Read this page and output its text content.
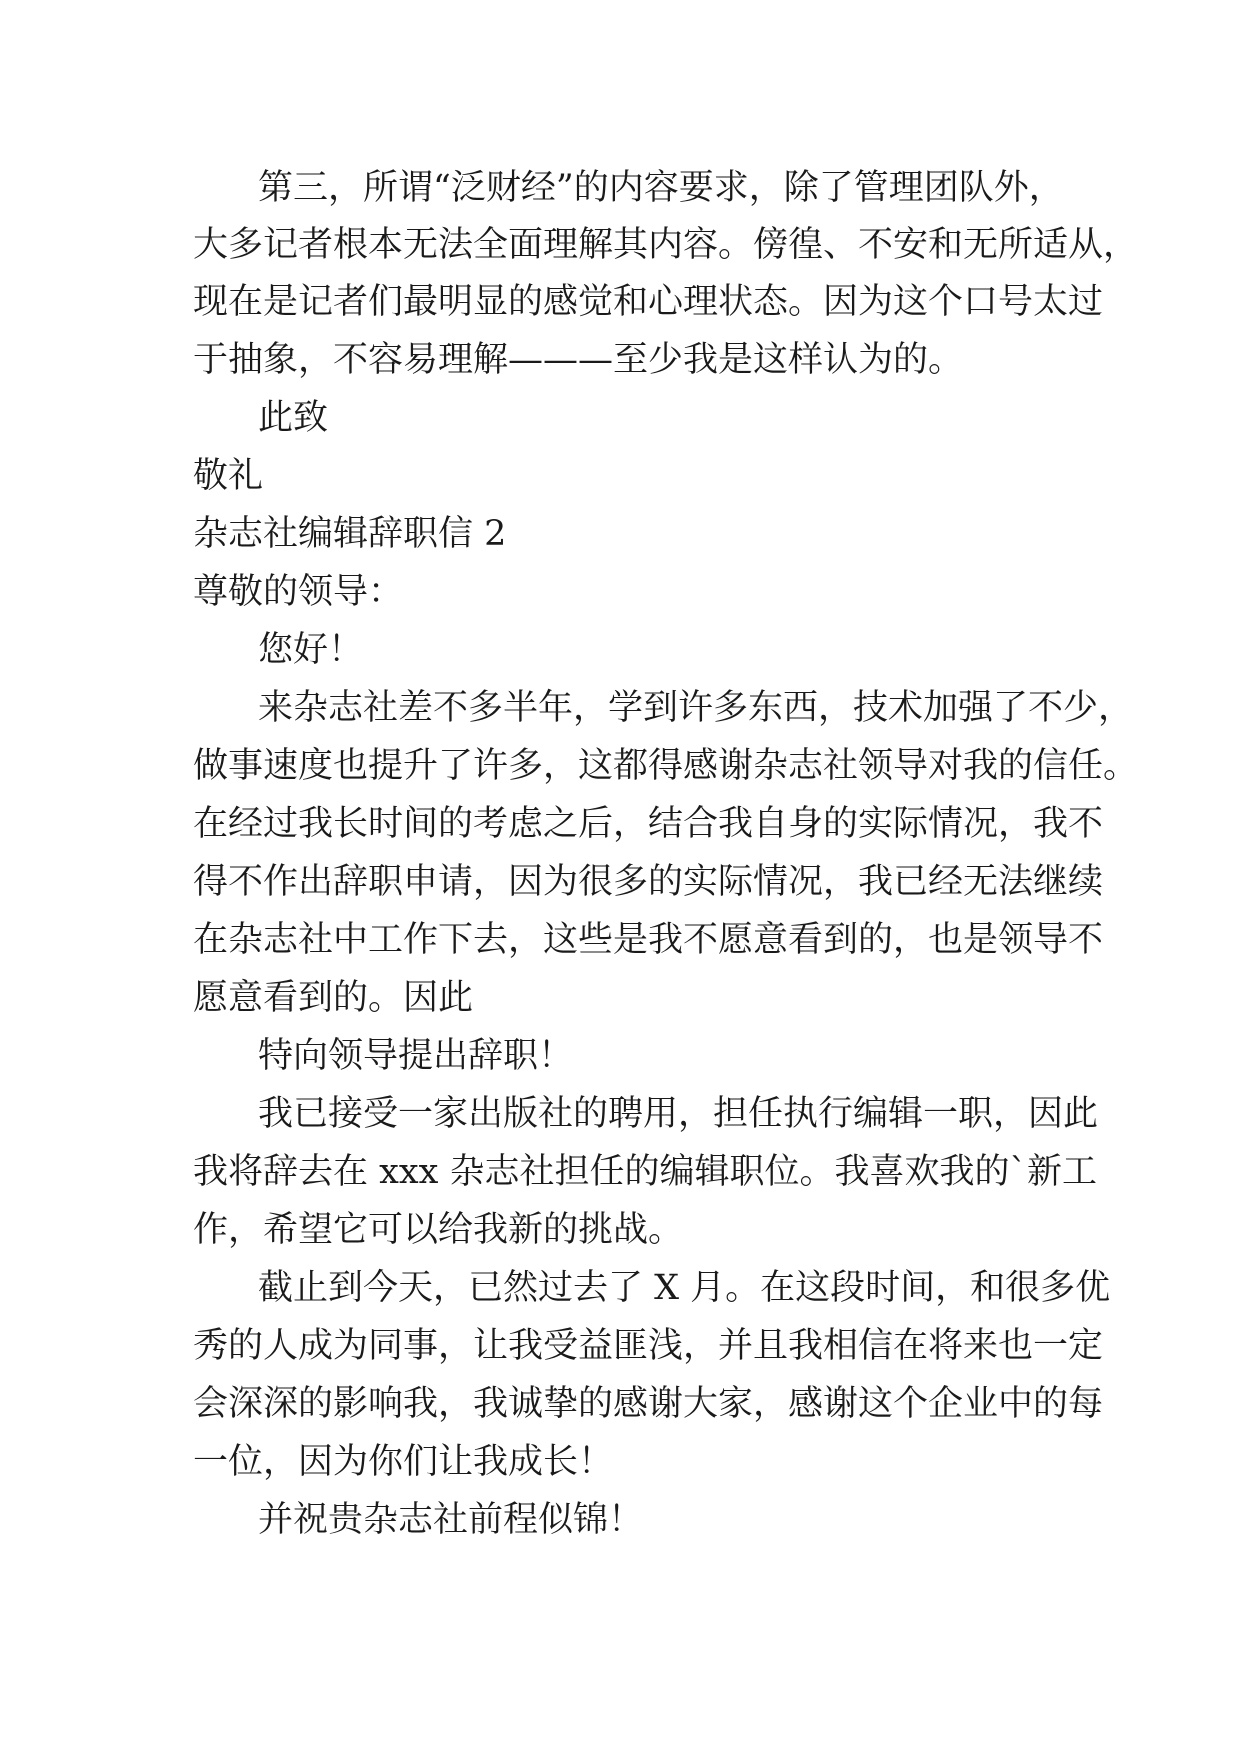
第三，所谓“泛财经”的内容要求，除了管理团队外，
大多记者根本无法全面理解其内容。傍徨、不安和无所适从，
现在是记者们最明显的感觉和心理状态。因为这个口号太过
于抽象，不容易理解———至少我是这样认为的。
此致
敬礼
杂志社编辑辞职信 2
尊敬的领导：
您好！
来杂志社差不多半年，学到许多东西，技术加强了不少，
做事速度也提升了许多，这都得感谢杂志社领导对我的信任。
在经过我长时间的考虑之后，结合我自身的实际情况，我不
得不作出辞职申请，因为很多的实际情况，我已经无法继续
在杂志社中工作下去，这些是我不愿意看到的，也是领导不
愿意看到的。因此
特向领导提出辞职！
我已接受一家出版社的聘用，担任执行编辑一职，因此
我将辞去在 xxx 杂志社担任的编辑职位。我喜欢我的`新工
作，希望它可以给我新的挑战。
截止到今天，已然过去了 X 月。在这段时间，和很多优
秀的人成为同事，让我受益匪浅，并且我相信在将来也一定
会深深的影响我，我诚挚的感谢大家，感谢这个企业中的每
一位，因为你们让我成长！
并祝贵杂志社前程似锦！
